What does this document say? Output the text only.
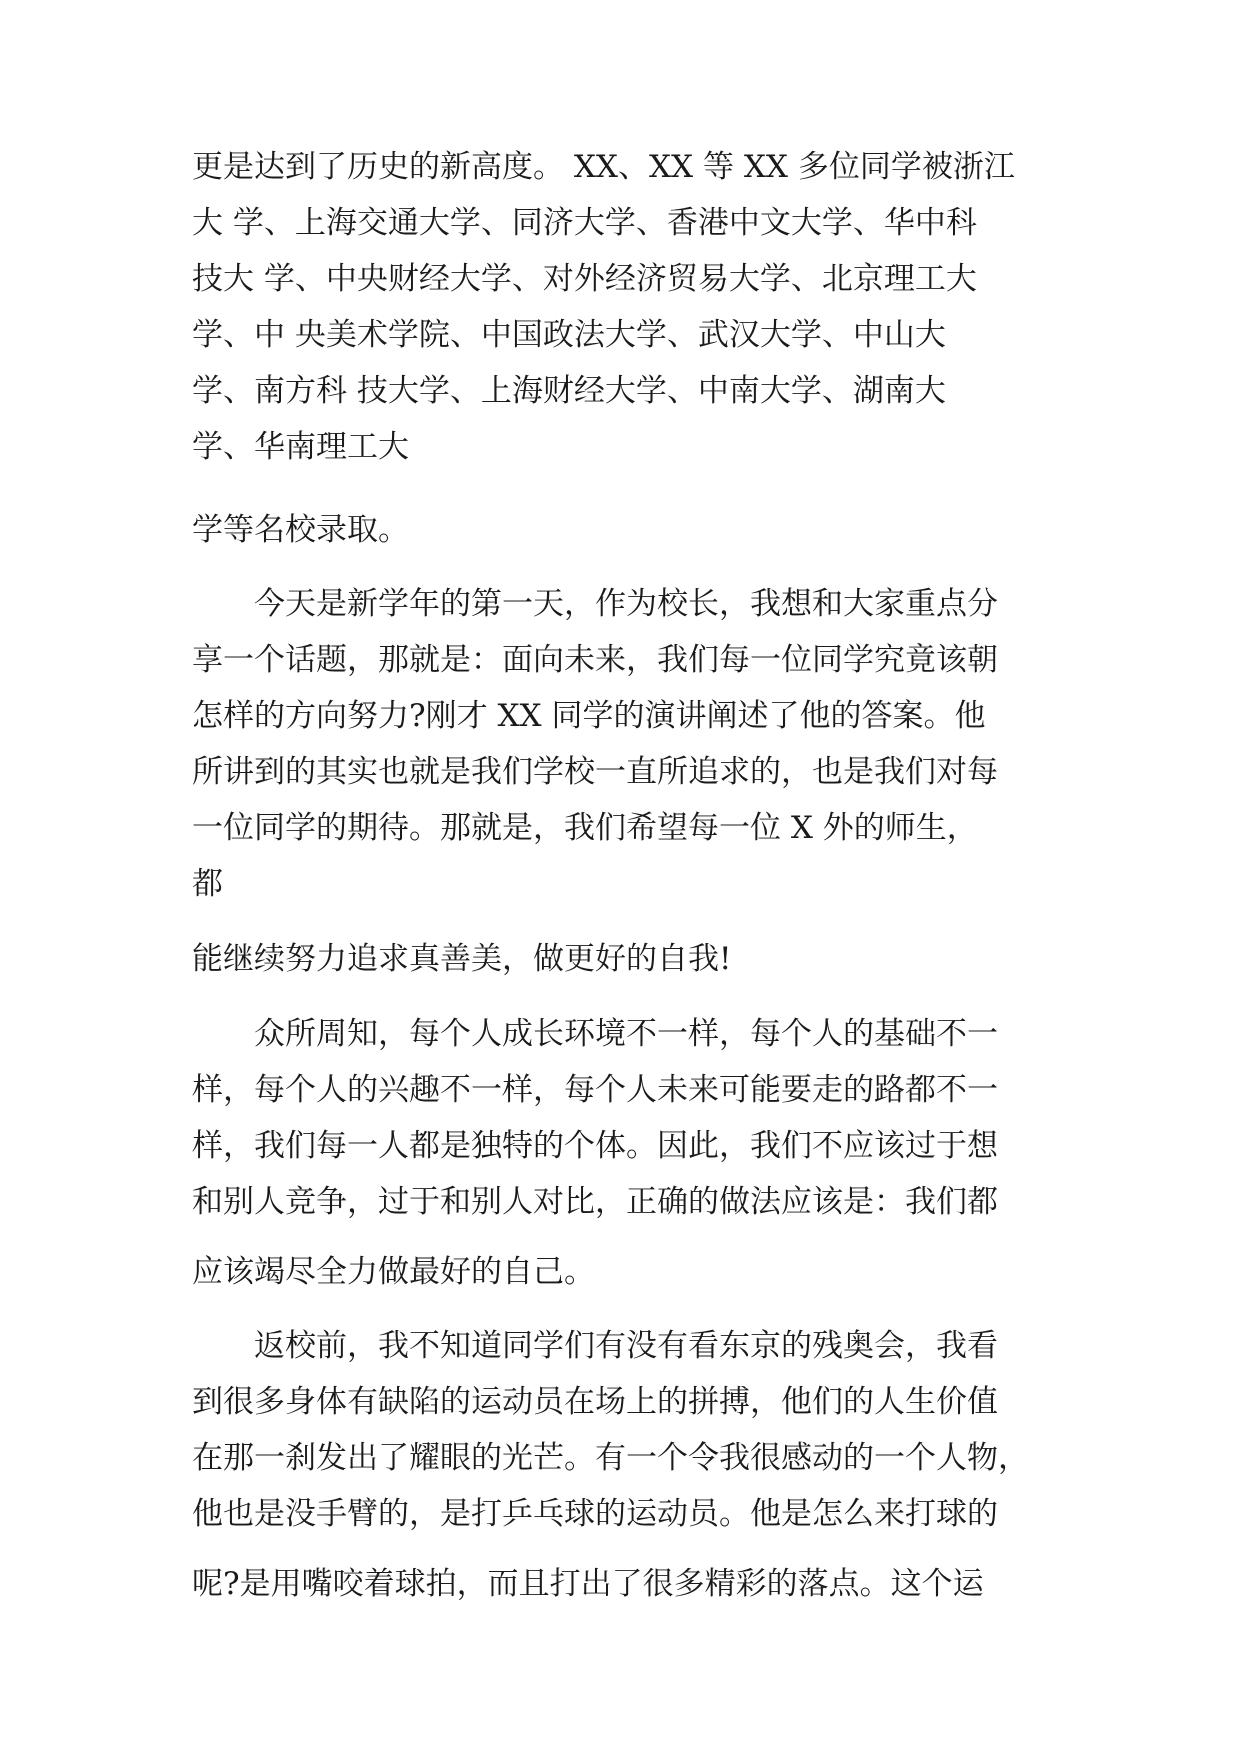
更是达到了历史的新高度。 XX、XX 等 XX 多位同学被浙江
大 学、上海交通大学、同济大学、香港中文大学、华中科
技大 学、中央财经大学、对外经济贸易大学、北京理工大
学、中 央美术学院、中国政法大学、武汉大学、中山大
学、南方科 技大学、上海财经大学、中南大学、湖南大
学、华南理工大
学等名校录取。
今天是新学年的第一天，作为校长，我想和大家重点分
享一个话题，那就是：面向未来，我们每一位同学究竟该朝
怎样的方向努力?刚才 XX 同学的演讲阐述了他的答案。他
所讲到的其实也就是我们学校一直所追求的，也是我们对每
一位同学的期待。那就是，我们希望每一位 X 外的师生，
都
能继续努力追求真善美，做更好的自我!
众所周知，每个人成长环境不一样，每个人的基础不一
样，每个人的兴趣不一样，每个人未来可能要走的路都不一
样，我们每一人都是独特的个体。因此，我们不应该过于想
和别人竞争，过于和别人对比，正确的做法应该是：我们都
应该竭尽全力做最好的自己。
返校前，我不知道同学们有没有看东京的残奥会，我看
到很多身体有缺陷的运动员在场上的拼搏，他们的人生价值
在那一刹发出了耀眼的光芒。有一个令我很感动的一个人物，
他也是没手臂的，是打乒乓球的运动员。他是怎么来打球的
呢?是用嘴咬着球拍，而且打出了很多精彩的落点。这个运
